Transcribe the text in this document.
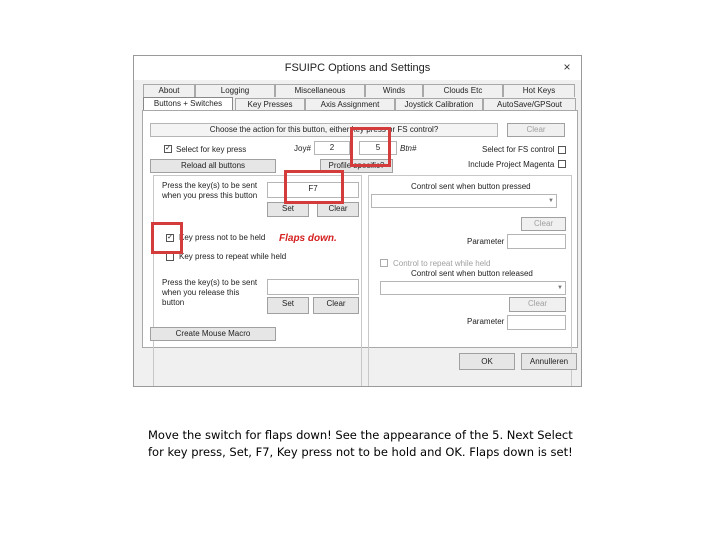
FSUIPC Options and Settings	×
About	Logging	Miscellaneous	Winds	Clouds Etc	Hot Keys
Buttons + Switches	Key Presses	Axis Assignment	Joystick Calibration	AutoSave/GPSout
Choose the action for this button, either key press or FS control?	Clear
✓ Select for key press	Joy#	2	5	Btn#	Select for FS control
Reload all buttons	Profile specific?	Include Project Magenta
Press the key(s) to be sent when you press this button
F7
Set	Clear
✓ Key press not to be held
Key press to repeat while held
Press the key(s) to be sent when you release this button	Set	Clear
Create Mouse Macro
Control sent when button pressed
▼
Clear
Parameter
Control to repeat while held
Control sent when button released
▼
Clear
Parameter
OK	Annulleren
Flaps down.
Move the switch for flaps down! See the appearance of the 5. Next Select for key press, Set, F7, Key press not to be hold and OK. Flaps down is set!
